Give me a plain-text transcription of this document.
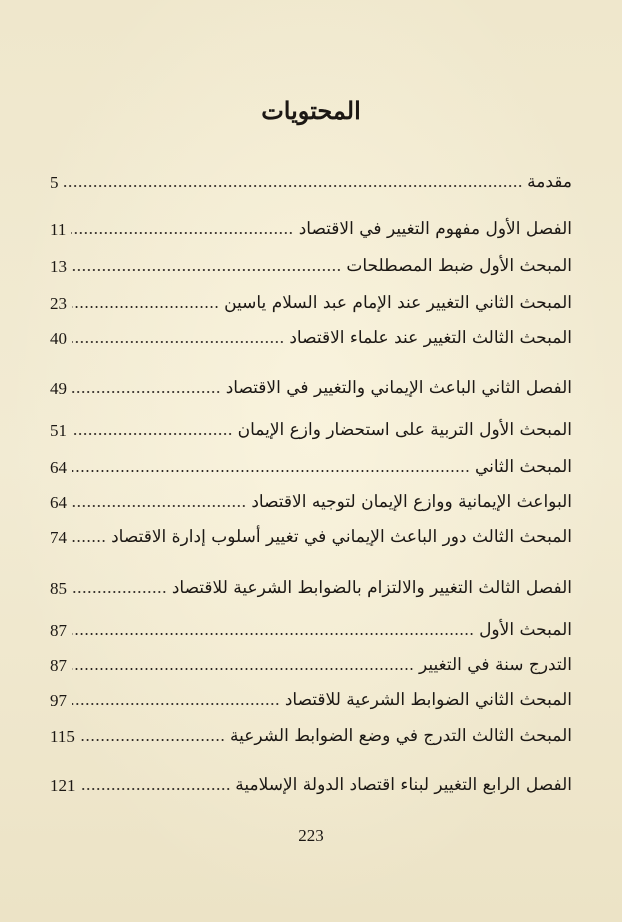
المحتويات
5	مقدمة
11	الفصل الأول مفهوم التغيير في الاقتصاد
13	المبحث الأول ضبط المصطلحات
23	المبحث الثاني التغيير عند الإمام عبد السلام ياسين
40	المبحث الثالث التغيير عند علماء الاقتصاد
49	الفصل الثاني الباعث الإيماني والتغيير في الاقتصاد
51	المبحث الأول التربية على استحضار وازع الإيمان
64	المبحث الثاني
64	البواعث الإيمانية ووازع الإيمان لتوجيه الاقتصاد
74	المبحث الثالث دور الباعث الإيماني في تغيير أسلوب إدارة الاقتصاد
85	الفصل الثالث التغيير والالتزام بالضوابط الشرعية للاقتصاد
87	المبحث الأول
87	التدرج سنة في التغيير
97	المبحث الثاني الضوابط الشرعية للاقتصاد
115	المبحث الثالث التدرج في وضع الضوابط الشرعية
121	الفصل الرابع التغيير لبناء اقتصاد الدولة الإسلامية
223
